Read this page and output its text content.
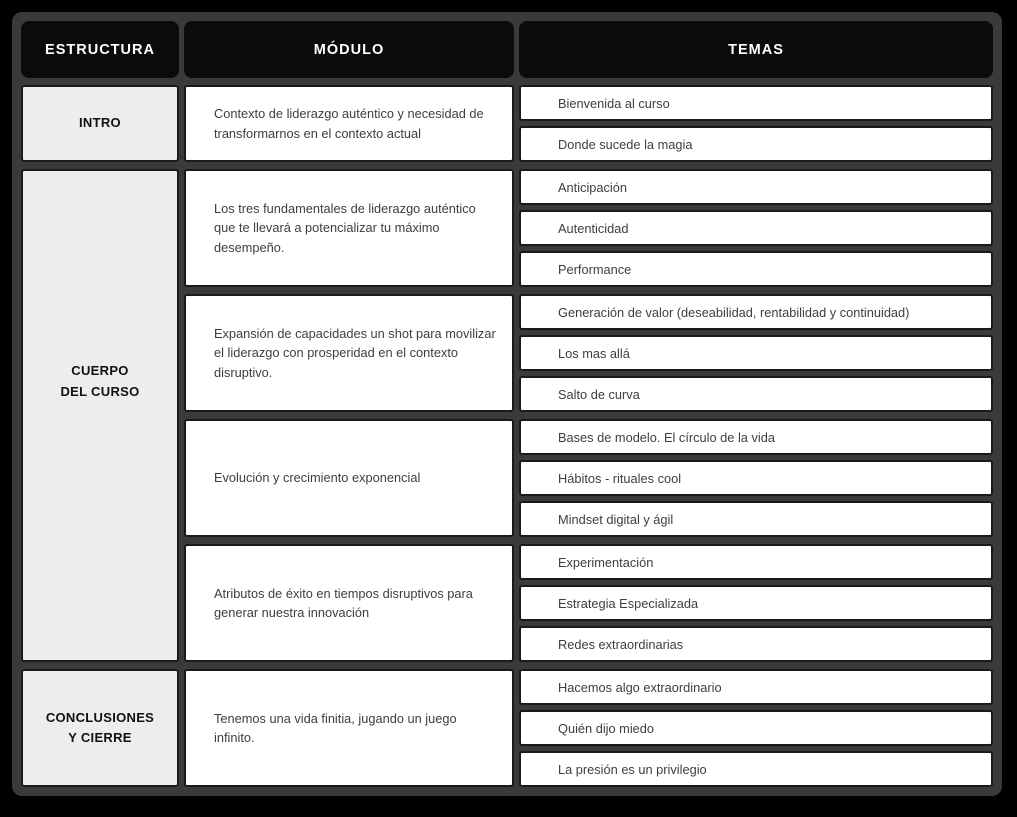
ESTRUCTURA	MÓDULO	TEMAS
INTRO
Contexto de liderazgo auténtico y necesidad de transformarnos en el contexto actual
Bienvenida al curso
Donde sucede la magia
CUERPO
DEL CURSO
Los tres fundamentales de liderazgo auténtico que te llevará a potencializar tu máximo desempeño.
Anticipación
Autenticidad
Performance
Expansión de capacidades un shot para movilizar el liderazgo con prosperidad en el contexto disruptivo.
Generación de valor (deseabilidad, rentabilidad y continuidad)
Los mas allá
Salto de curva
Evolución y crecimiento exponencial
Bases de modelo. El círculo de la vida
Hábitos - rituales cool
Mindset digital y ágil
Atributos de éxito en tiempos disruptivos para generar nuestra innovación
Experimentación
Estrategia Especializada
Redes extraordinarias
CONCLUSIONES
Y CIERRE
Tenemos una vida finitia, jugando un juego infinito.
Hacemos algo extraordinario
Quién dijo miedo
La presión es un privilegio
